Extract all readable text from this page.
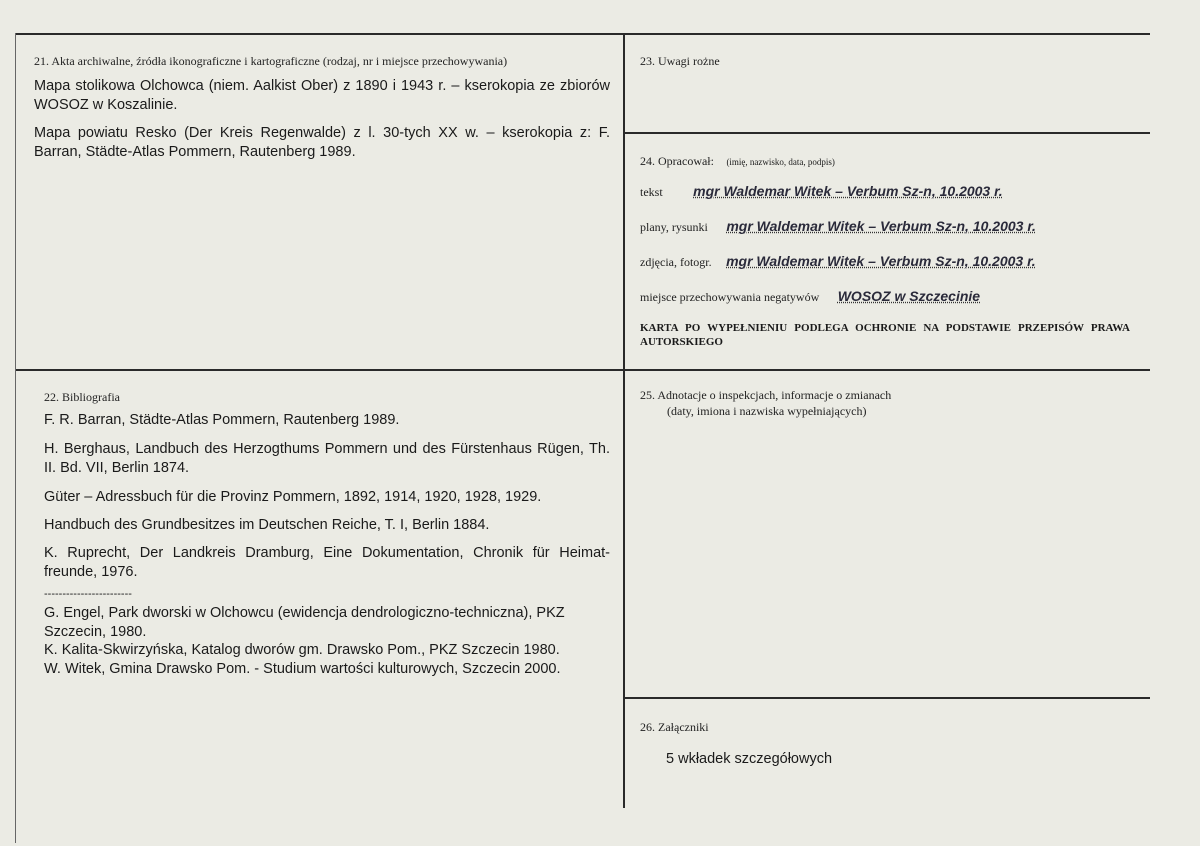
21. Akta archiwalne, źródła ikonograficzne i kartograficzne (rodzaj, nr i miejsce przechowywania)
Mapa stolikowa Olchowca (niem. Aalkist Ober) z 1890 i 1943 r. – kserokopia ze zbiorów WOSOZ w Koszalinie.
Mapa powiatu Resko (Der Kreis Regenwalde) z l. 30-tych XX w. – kserokopia z: F. Barran, Städte-Atlas Pommern, Rautenberg 1989.
23. Uwagi rożne
24. Opracował: (imię, nazwisko, data, podpis)
tekst mgr Waldemar Witek – Verbum Sz-n, 10.2003 r.
plany, rysunki mgr Waldemar Witek – Verbum Sz-n, 10.2003 r.
zdjęcia, fotogr. mgr Waldemar Witek – Verbum Sz-n, 10.2003 r.
miejsce przechowywania negatywów WOSOZ w Szczecinie
KARTA PO WYPEŁNIENIU PODLEGA OCHRONIE NA PODSTAWIE PRZEPISÓW PRAWA AUTORSKIEGO
22. Bibliografia
F. R. Barran, Städte-Atlas Pommern, Rautenberg 1989.
H. Berghaus, Landbuch des Herzogthums Pommern und des Fürstenhaus Rügen, Th. II. Bd. VII, Berlin 1874.
Güter – Adressbuch für die Provinz Pommern, 1892, 1914, 1920, 1928, 1929.
Handbuch des Grundbesitzes im Deutschen Reiche, T. I, Berlin 1884.
K. Ruprecht, Der Landkreis Dramburg, Eine Dokumentation, Chronik für Heimat-freunde, 1976.
------------------------
G. Engel, Park dworski w Olchowcu (ewidencja dendrologiczno-techniczna), PKZ Szczecin, 1980.
K. Kalita-Skwirzyńska, Katalog dworów gm. Drawsko Pom., PKZ Szczecin 1980.
W. Witek, Gmina Drawsko Pom. - Studium wartości kulturowych, Szczecin 2000.
25. Adnotacje o inspekcjach, informacje o zmianach
(daty, imiona i nazwiska wypełniających)
26. Załączniki
5 wkładek szczegółowych
